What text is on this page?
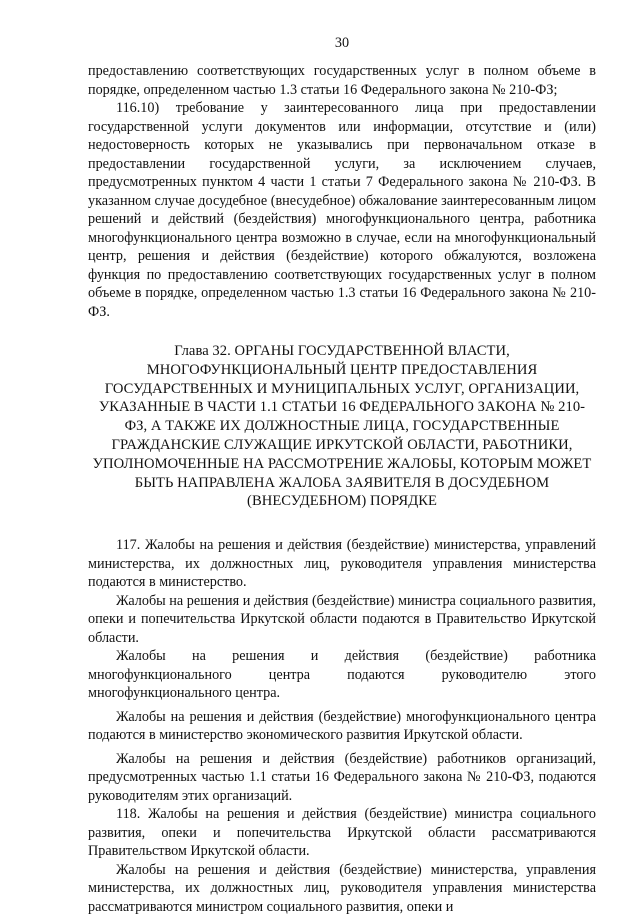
30

предоставлению соответствующих государственных услуг в полном объеме в порядке, определенном частью 1.3 статьи 16 Федерального закона № 210-ФЗ;

116.10) требование у заинтересованного лица при предоставлении государственной услуги документов или информации, отсутствие и (или) недостоверность которых не указывались при первоначальном отказе в предоставлении государственной услуги, за исключением случаев, предусмотренных пунктом 4 части 1 статьи 7 Федерального закона № 210-ФЗ. В указанном случае досудебное (внесудебное) обжалование заинтересованным лицом решений и действий (бездействия) многофункционального центра, работника многофункционального центра возможно в случае, если на многофункциональный центр, решения и действия (бездействие) которого обжалуются, возложена функция по предоставлению соответствующих государственных услуг в полном объеме в порядке, определенном частью 1.3 статьи 16 Федерального закона № 210-ФЗ.

Глава 32. ОРГАНЫ ГОСУДАРСТВЕННОЙ ВЛАСТИ, МНОГОФУНКЦИОНАЛЬНЫЙ ЦЕНТР ПРЕДОСТАВЛЕНИЯ ГОСУДАРСТВЕННЫХ И МУНИЦИПАЛЬНЫХ УСЛУГ, ОРГАНИЗАЦИИ, УКАЗАННЫЕ В ЧАСТИ 1.1 СТАТЬИ 16 ФЕДЕРАЛЬНОГО ЗАКОНА № 210-ФЗ, А ТАКЖЕ ИХ ДОЛЖНОСТНЫЕ ЛИЦА, ГОСУДАРСТВЕННЫЕ ГРАЖДАНСКИЕ СЛУЖАЩИЕ ИРКУТСКОЙ ОБЛАСТИ, РАБОТНИКИ, УПОЛНОМОЧЕННЫЕ НА РАССМОТРЕНИЕ ЖАЛОБЫ, КОТОРЫМ МОЖЕТ БЫТЬ НАПРАВЛЕНА ЖАЛОБА ЗАЯВИТЕЛЯ В ДОСУДЕБНОМ (ВНЕСУДЕБНОМ) ПОРЯДКЕ

117. Жалобы на решения и действия (бездействие) министерства, управлений министерства, их должностных лиц, руководителя управления министерства подаются в министерство.

Жалобы на решения и действия (бездействие) министра социального развития, опеки и попечительства Иркутской области подаются в Правительство Иркутской области.

Жалобы на решения и действия (бездействие) работника многофункционального центра подаются руководителю этого многофункционального центра.

Жалобы на решения и действия (бездействие) многофункционального центра подаются в министерство экономического развития Иркутской области.

Жалобы на решения и действия (бездействие) работников организаций, предусмотренных частью 1.1 статьи 16 Федерального закона № 210-ФЗ, подаются руководителям этих организаций.

118. Жалобы на решения и действия (бездействие) министра социального развития, опеки и попечительства Иркутской области рассматриваются Правительством Иркутской области.

Жалобы на решения и действия (бездействие) министерства, управления министерства, их должностных лиц, руководителя управления министерства рассматриваются министром социального развития, опеки и
